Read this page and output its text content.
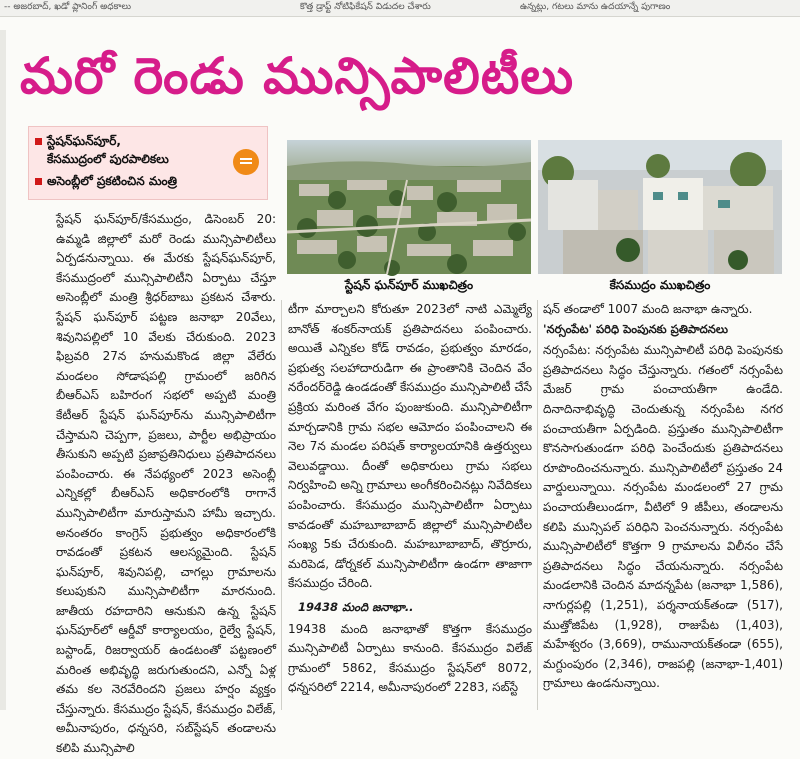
-- అజరబాద్, ఖడో ప్లానింగ్ అధకాలు	కొత్త డ్రాఫ్ట్ నోటిఫికేషన్ విడుదల చేశారు	ఉన్నట్లు, గటలు మాను ఉదయాన్నే పుగాణం
మరో రెండు మున్సిపాలిటీలు
స్టేషన్‌ఘన్‌పూర్,
కేసముద్రంలో పురపాలికలు
అసెంబ్లీలో ప్రకటించిన మంత్రి
స్టేషన్ ఘన్‌పూర్ ముఖచిత్రం	కేసముద్రం ముఖచిత్రం

స్టేషన్ ఘన్‌పూర్/కేసముద్రం, డిసెంబర్ 20: ఉమ్మడి జిల్లాలో మరో రెండు మున్సిపాలిటీలు ఏర్పడనున్నాయి. ఈ మేరకు స్టేషన్‌ఘన్‌పూర్, కేసముద్రంలో మున్సిపాలిటీని ఏర్పాటు చేస్తూ అసెంబ్లీలో మంత్రి శ్రీధర్‌బాబు ప్రకటన చేశారు. స్టేషన్ ఘన్‌పూర్ పట్టణ జనాభా 20వేలు, శివునిపల్లిలో 10 వేలకు చేరుకుంది. 2023 ఫిబ్రవరి 27న హనుమకొండ జిల్లా వేలేరు మండలం సోడాషపల్లి గ్రామంలో జరిగిన బీఆర్‌ఎస్ బహిరంగ సభలో అప్పటి మంత్రి కేటీఆర్ స్టేషన్ ఘన్‌పూర్‌ను మున్సిపాలిటీగా చేస్తామని చెప్పగా, ప్రజలు, పార్టీల అభిప్రాయం తీసుకుని అప్పటి ప్రజాప్రతినిధులు ప్రతిపాదనలు పంపించారు. ఈ నేపథ్యంలో 2023 అసెంబ్లీ ఎన్నికల్లో బీఆర్‌ఎస్ అధికారంలోకి రాగానే మున్సిపాలిటీగా మారుస్తామని హామీ ఇచ్చారు. అనంతరం కాంగ్రెస్ ప్రభుత్వం అధికారంలోకి రావడంతో ప్రకటన ఆలస్యమైంది. స్టేషన్ ఘన్‌పూర్, శివునిపల్లి, చాగల్లు గ్రామాలను కలుపుకుని మున్సిపాలిటీగా మారనుంది. జాతీయ రహదారిని ఆనుకుని ఉన్న స్టేషన్ ఘన్‌పూర్‌లో ఆర్డీవో కార్యాలయం, రైల్వే స్టేషన్, బస్టాండ్, రిజర్వాయర్ ఉండటంతో పట్టణంలో మరింత అభివృద్ధి జరుగుతుందని, ఎన్నో ఏళ్ల తమ కల నెరవేరిందని ప్రజలు హర్షం వ్యక్తం చేస్తున్నారు. కేసముద్రం స్టేషన్, కేసముద్రం విలేజ్, అమీనాపురం, ధన్నసరి, సబ్‌స్టేషన్ తండాలను కలిపి మున్సిపాలి

టీగా మార్చాలని కోరుతూ 2023లో నాటి ఎమ్మెల్యే బానోత్ శంకర్‌నాయక్ ప్రతిపాదనలు పంపించారు. అయితే ఎన్నికల కోడ్ రావడం, ప్రభుత్వం మారడం, ప్రభుత్వ సలహాదారుడిగా ఈ ప్రాంతానికి చెందిన వేం నరేందర్‌రెడ్డి ఉండడంతో కేసముద్రం మున్సిపాలిటీ చేసే ప్రక్రియ మరింత వేగం పుంజుకుంది. మున్సిపాలిటీగా మార్చడానికి గ్రామ సభల ఆమోదం పంపించాలని ఈ నెల 7న మండల పరిషత్ కార్యాలయానికి ఉత్తర్వులు వెలువడ్డాయి. దీంతో అధికారులు గ్రామ సభలు నిర్వహించి అన్ని గ్రామాలు అంగీకరించినట్లు నివేదికలు పంపించారు. కేసముద్రం మున్సిపాలిటీగా ఏర్పాటు కావడంతో మహబూబాబాద్ జిల్లాలో మున్సిపాలిటీల సంఖ్య 5కు చేరుకుంది. మహబూబాబాద్, తొర్రూరు, మరిపెడ, డోర్నకల్ మున్సిపాలిటీగా ఉండగా తాజాగా కేసముద్రం చేరింది.

19438 మంది జనాభా..

19438 మంది జనాభాతో కొత్తగా కేసముద్రం మున్సిపాలిటీ ఏర్పాటు కానుంది. కేసముద్రం విలేజ్ గ్రామంలో 5862, కేసముద్రం స్టేషన్‌లో 8072, ధన్నసరిలో 2214, అమీనాపురంలో 2283, సబ్‌స్టే

షన్ తండాలో 1007 మంది జనాభా ఉన్నారు.

'నర్సంపేట' పరిధి పెంపునకు ప్రతిపాదనలు

నర్సంపేట: నర్సంపేట మున్సిపాలిటీ పరిధి పెంపునకు ప్రతిపాదనలు సిద్ధం చేస్తున్నారు. గతంలో నర్సంపేట మేజర్ గ్రామ పంచాయతీగా ఉండేది. దినాదినాభివృద్ధి చెందుతున్న నర్సంపేట నగర పంచాయతీగా ఏర్పడింది. ప్రస్తుతం మున్సిపాలిటీగా కొనసాగుతుండగా పరిధి పెంచేందుకు ప్రతిపాదనలు రూపొందించనున్నారు. మున్సిపాలిటీలో ప్రస్తుతం 24 వార్డులున్నాయి. నర్సంపేట మండలంలో 27 గ్రామ పంచాయతీలుండగా, వీటిలో 9 జీపీలు, తండాలను కలిపి మున్సిపల్ పరిధిని పెంచనున్నారు. నర్సంపేట మున్సిపాలిటీలో కొత్తగా 9 గ్రామాలను విలీనం చేసే ప్రతిపాదనలు సిద్ధం చేయనున్నారు. నర్సంపేట మండలానికి చెందిన మాదన్నపేట (జనాభా 1,586), నాగుర్లపల్లి (1,251), పర్శనాయక్‌తండా (517), ముత్తోజిపేట (1,928), రాజుపేట (1,403), మహేశ్వరం (3,669), రామునాయక్‌తండా (655), మగ్దుంపురం (2,346), రాజపల్లి (జనాభా-1,401) గ్రామాలు ఉండనున్నాయి.
